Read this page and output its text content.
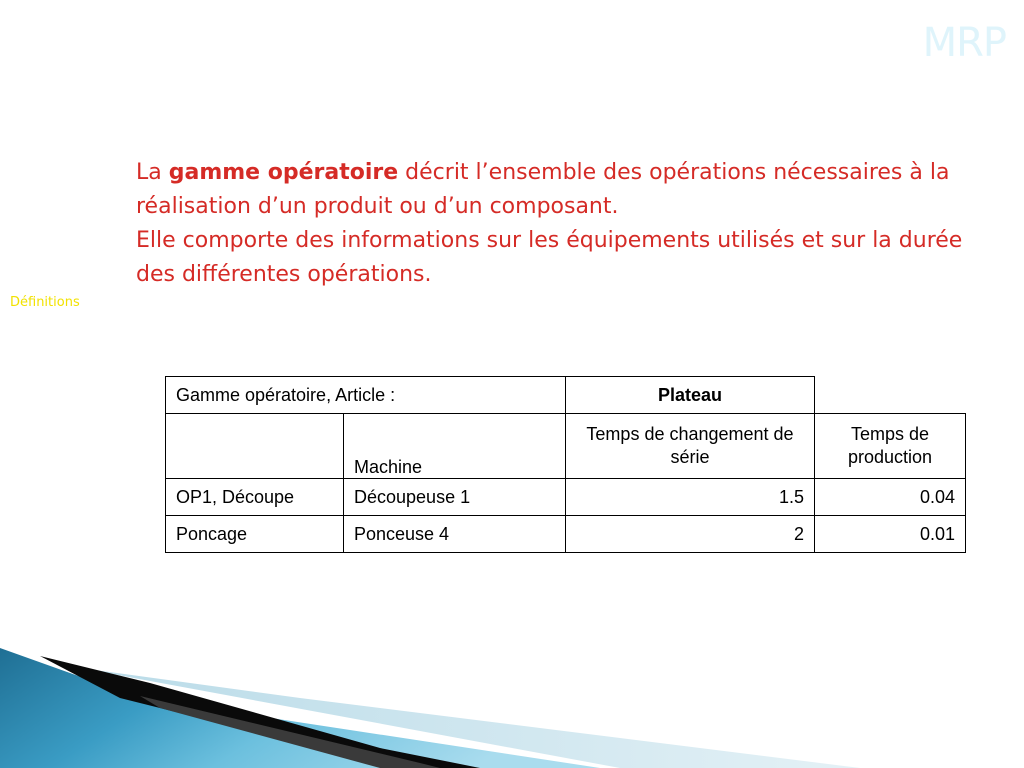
MRP
Définitions

La gamme opératoire décrit l’ensemble des opérations nécessaires à la réalisation d’un produit ou d’un composant.

Elle comporte des informations sur les équipements utilisés et sur la durée des différentes opérations.

Gamme opératoire, Article :		Plateau	
	Machine	Temps de changement de série	Temps de production
OP1, Découpe	Découpeuse 1	1.5	0.04
Poncage	Ponceuse 4	2	0.01
